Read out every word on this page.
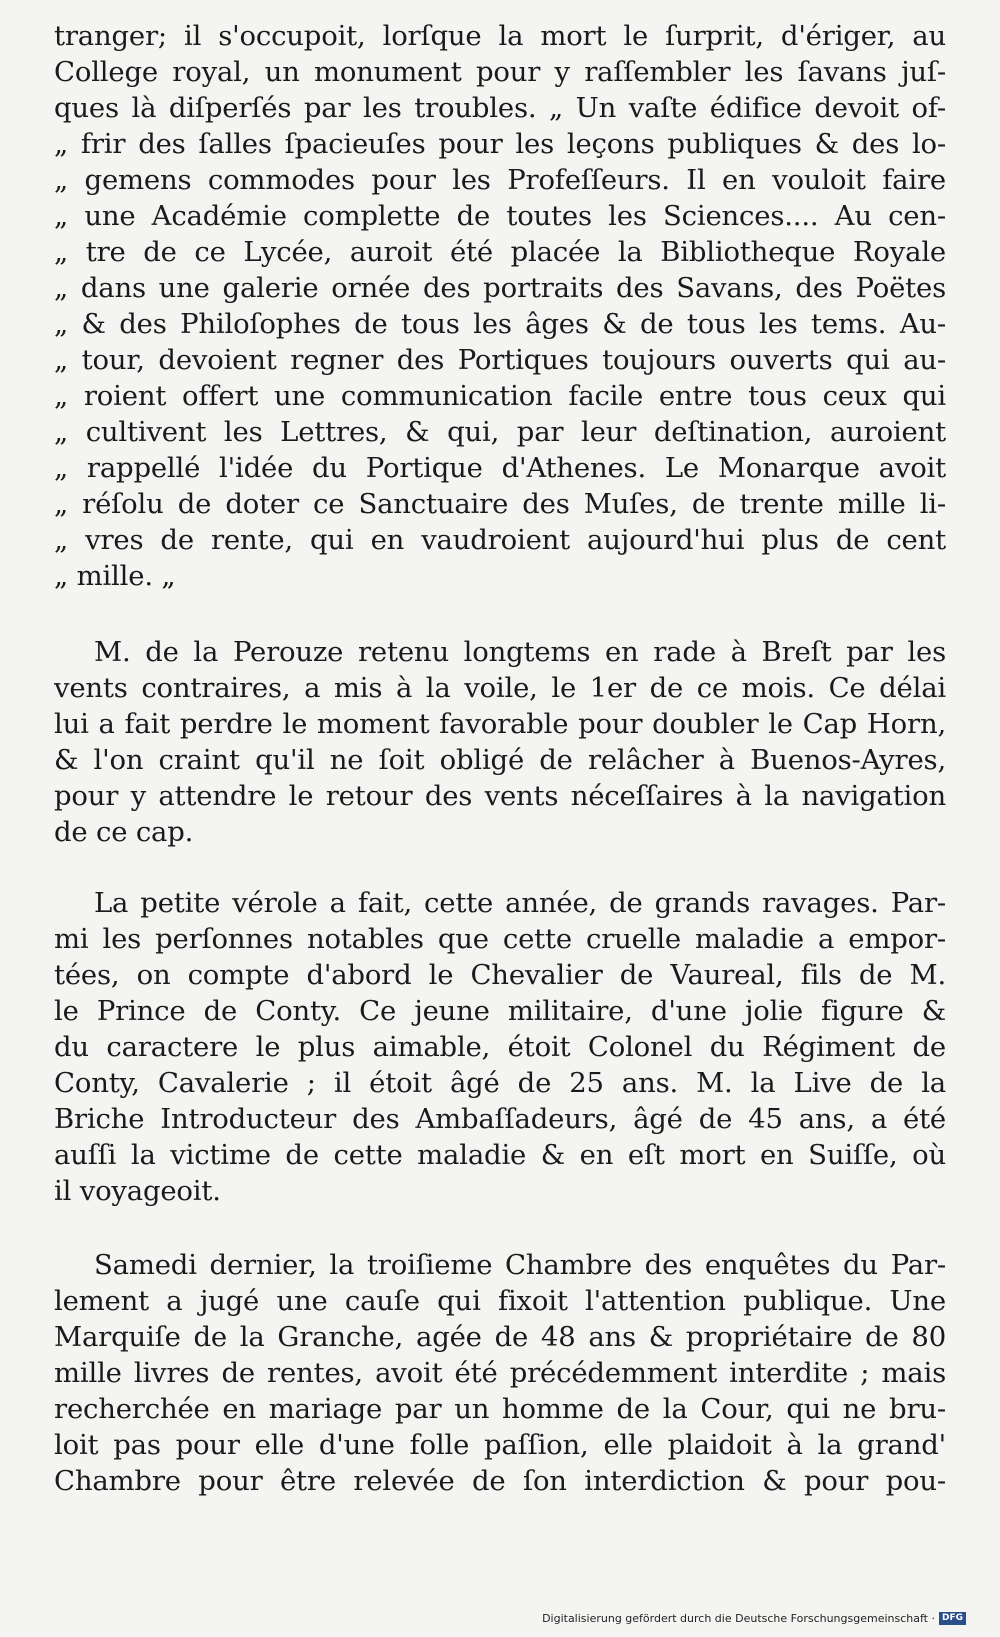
tranger; il s'occupoit, lorſque la mort le ſurprit, d'ériger, au
College royal, un monument pour y raſſembler les ſavans juſ-
ques là diſperſés par les troubles. „ Un vaſte édifice devoit of-
„ frir des ſalles ſpacieuſes pour les leçons publiques & des lo-
„ gemens commodes pour les Profeſſeurs. Il en vouloit faire
„ une Académie complette de toutes les Sciences.... Au cen-
„ tre de ce Lycée, auroit été placée la Bibliotheque Royale
„ dans une galerie ornée des portraits des Savans, des Poëtes
„ & des Philoſophes de tous les âges & de tous les tems. Au-
„ tour, devoient regner des Portiques toujours ouverts qui au-
„ roient offert une communication facile entre tous ceux qui
„ cultivent les Lettres, & qui, par leur deſtination, auroient
„ rappellé l'idée du Portique d'Athenes. Le Monarque avoit
„ réſolu de doter ce Sanctuaire des Muſes, de trente mille li-
„ vres de rente, qui en vaudroient aujourd'hui plus de cent
„ mille. „
M. de la Perouze retenu longtems en rade à Breſt par les
vents contraires, a mis à la voile, le 1er de ce mois. Ce délai
lui a fait perdre le moment favorable pour doubler le Cap Horn,
& l'on craint qu'il ne ſoit obligé de relâcher à Buenos-Ayres,
pour y attendre le retour des vents néceſſaires à la navigation
de ce cap.
La petite vérole a fait, cette année, de grands ravages. Par-
mi les perſonnes notables que cette cruelle maladie a empor-
tées, on compte d'abord le Chevalier de Vaureal, fils de M.
le Prince de Conty. Ce jeune militaire, d'une jolie figure &
du caractere le plus aimable, étoit Colonel du Régiment de
Conty, Cavalerie ; il étoit âgé de 25 ans. M. la Live de la
Briche Introducteur des Ambaſſadeurs, âgé de 45 ans, a été
auſſi la victime de cette maladie & en eſt mort en Suiſſe, où
il voyageoit.
Samedi dernier, la troiſieme Chambre des enquêtes du Par-
lement a jugé une cauſe qui fixoit l'attention publique. Une
Marquiſe de la Granche, agée de 48 ans & propriétaire de 80
mille livres de rentes, avoit été précédemment interdite ; mais
recherchée en mariage par un homme de la Cour, qui ne bru-
loit pas pour elle d'une folle paſſion, elle plaidoit à la grand'
Chambre pour être relevée de ſon interdiction & pour pou-
Digitalisierung gefördert durch die Deutsche Forschungsgemeinschaft · DFG
